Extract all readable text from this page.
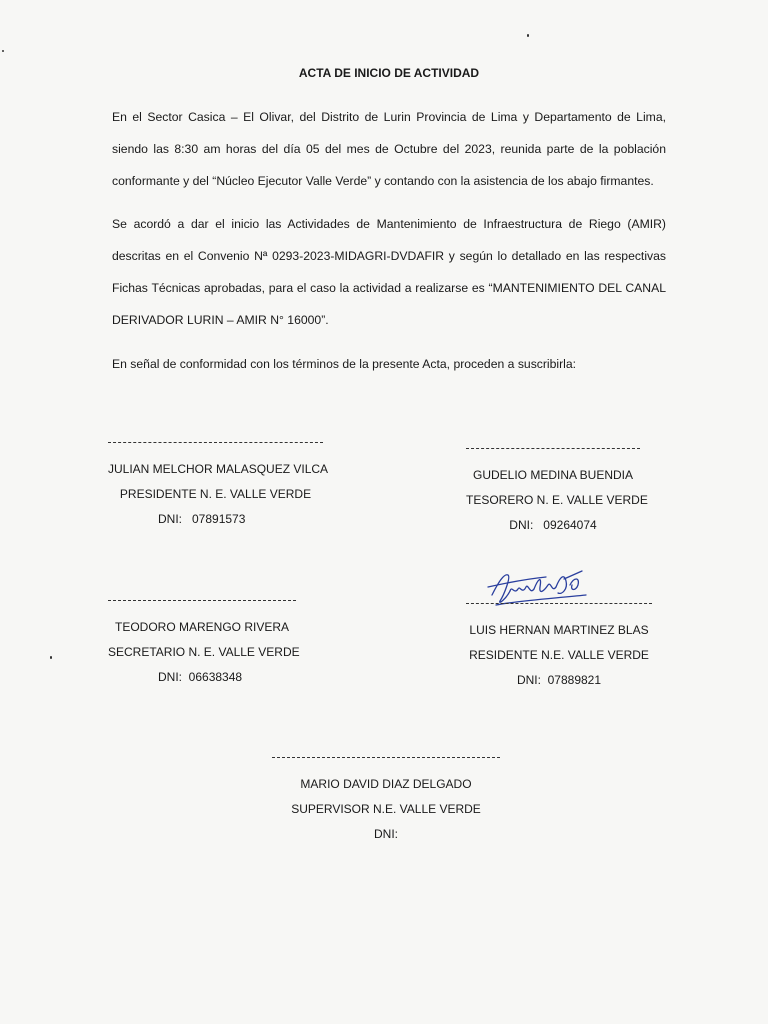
ACTA DE INICIO DE ACTIVIDAD

En el Sector Casica – El Olivar, del Distrito de Lurin Provincia de Lima y Departamento de Lima, siendo las 8:30 am horas del día 05 del mes de Octubre del 2023, reunida parte de la población conformante y del “Núcleo Ejecutor Valle Verde” y contando con la asistencia de los abajo firmantes.

Se acordó a dar el inicio las Actividades de Mantenimiento de Infraestructura de Riego (AMIR) descritas en el Convenio Nª 0293-2023-MIDAGRI-DVDAFIR y según lo detallado en las respectivas Fichas Técnicas aprobadas, para el caso la actividad a realizarse es “MANTENIMIENTO DEL CANAL DERIVADOR LURIN – AMIR N° 16000”.

En señal de conformidad con los términos de la presente Acta, proceden a suscribirla:

JULIAN MELCHOR MALASQUEZ VILCA
PRESIDENTE N. E. VALLE VERDE
DNI:   07891573
GUDELIO MEDINA BUENDIA
TESORERO N. E. VALLE VERDE
DNI:   09264074
TEODORO MARENGO RIVERA
SECRETARIO N. E. VALLE VERDE
DNI:  06638348
LUIS HERNAN MARTINEZ BLAS
RESIDENTE N.E. VALLE VERDE
DNI:  07889821
MARIO DAVID DIAZ DELGADO
SUPERVISOR N.E. VALLE VERDE
DNI:
